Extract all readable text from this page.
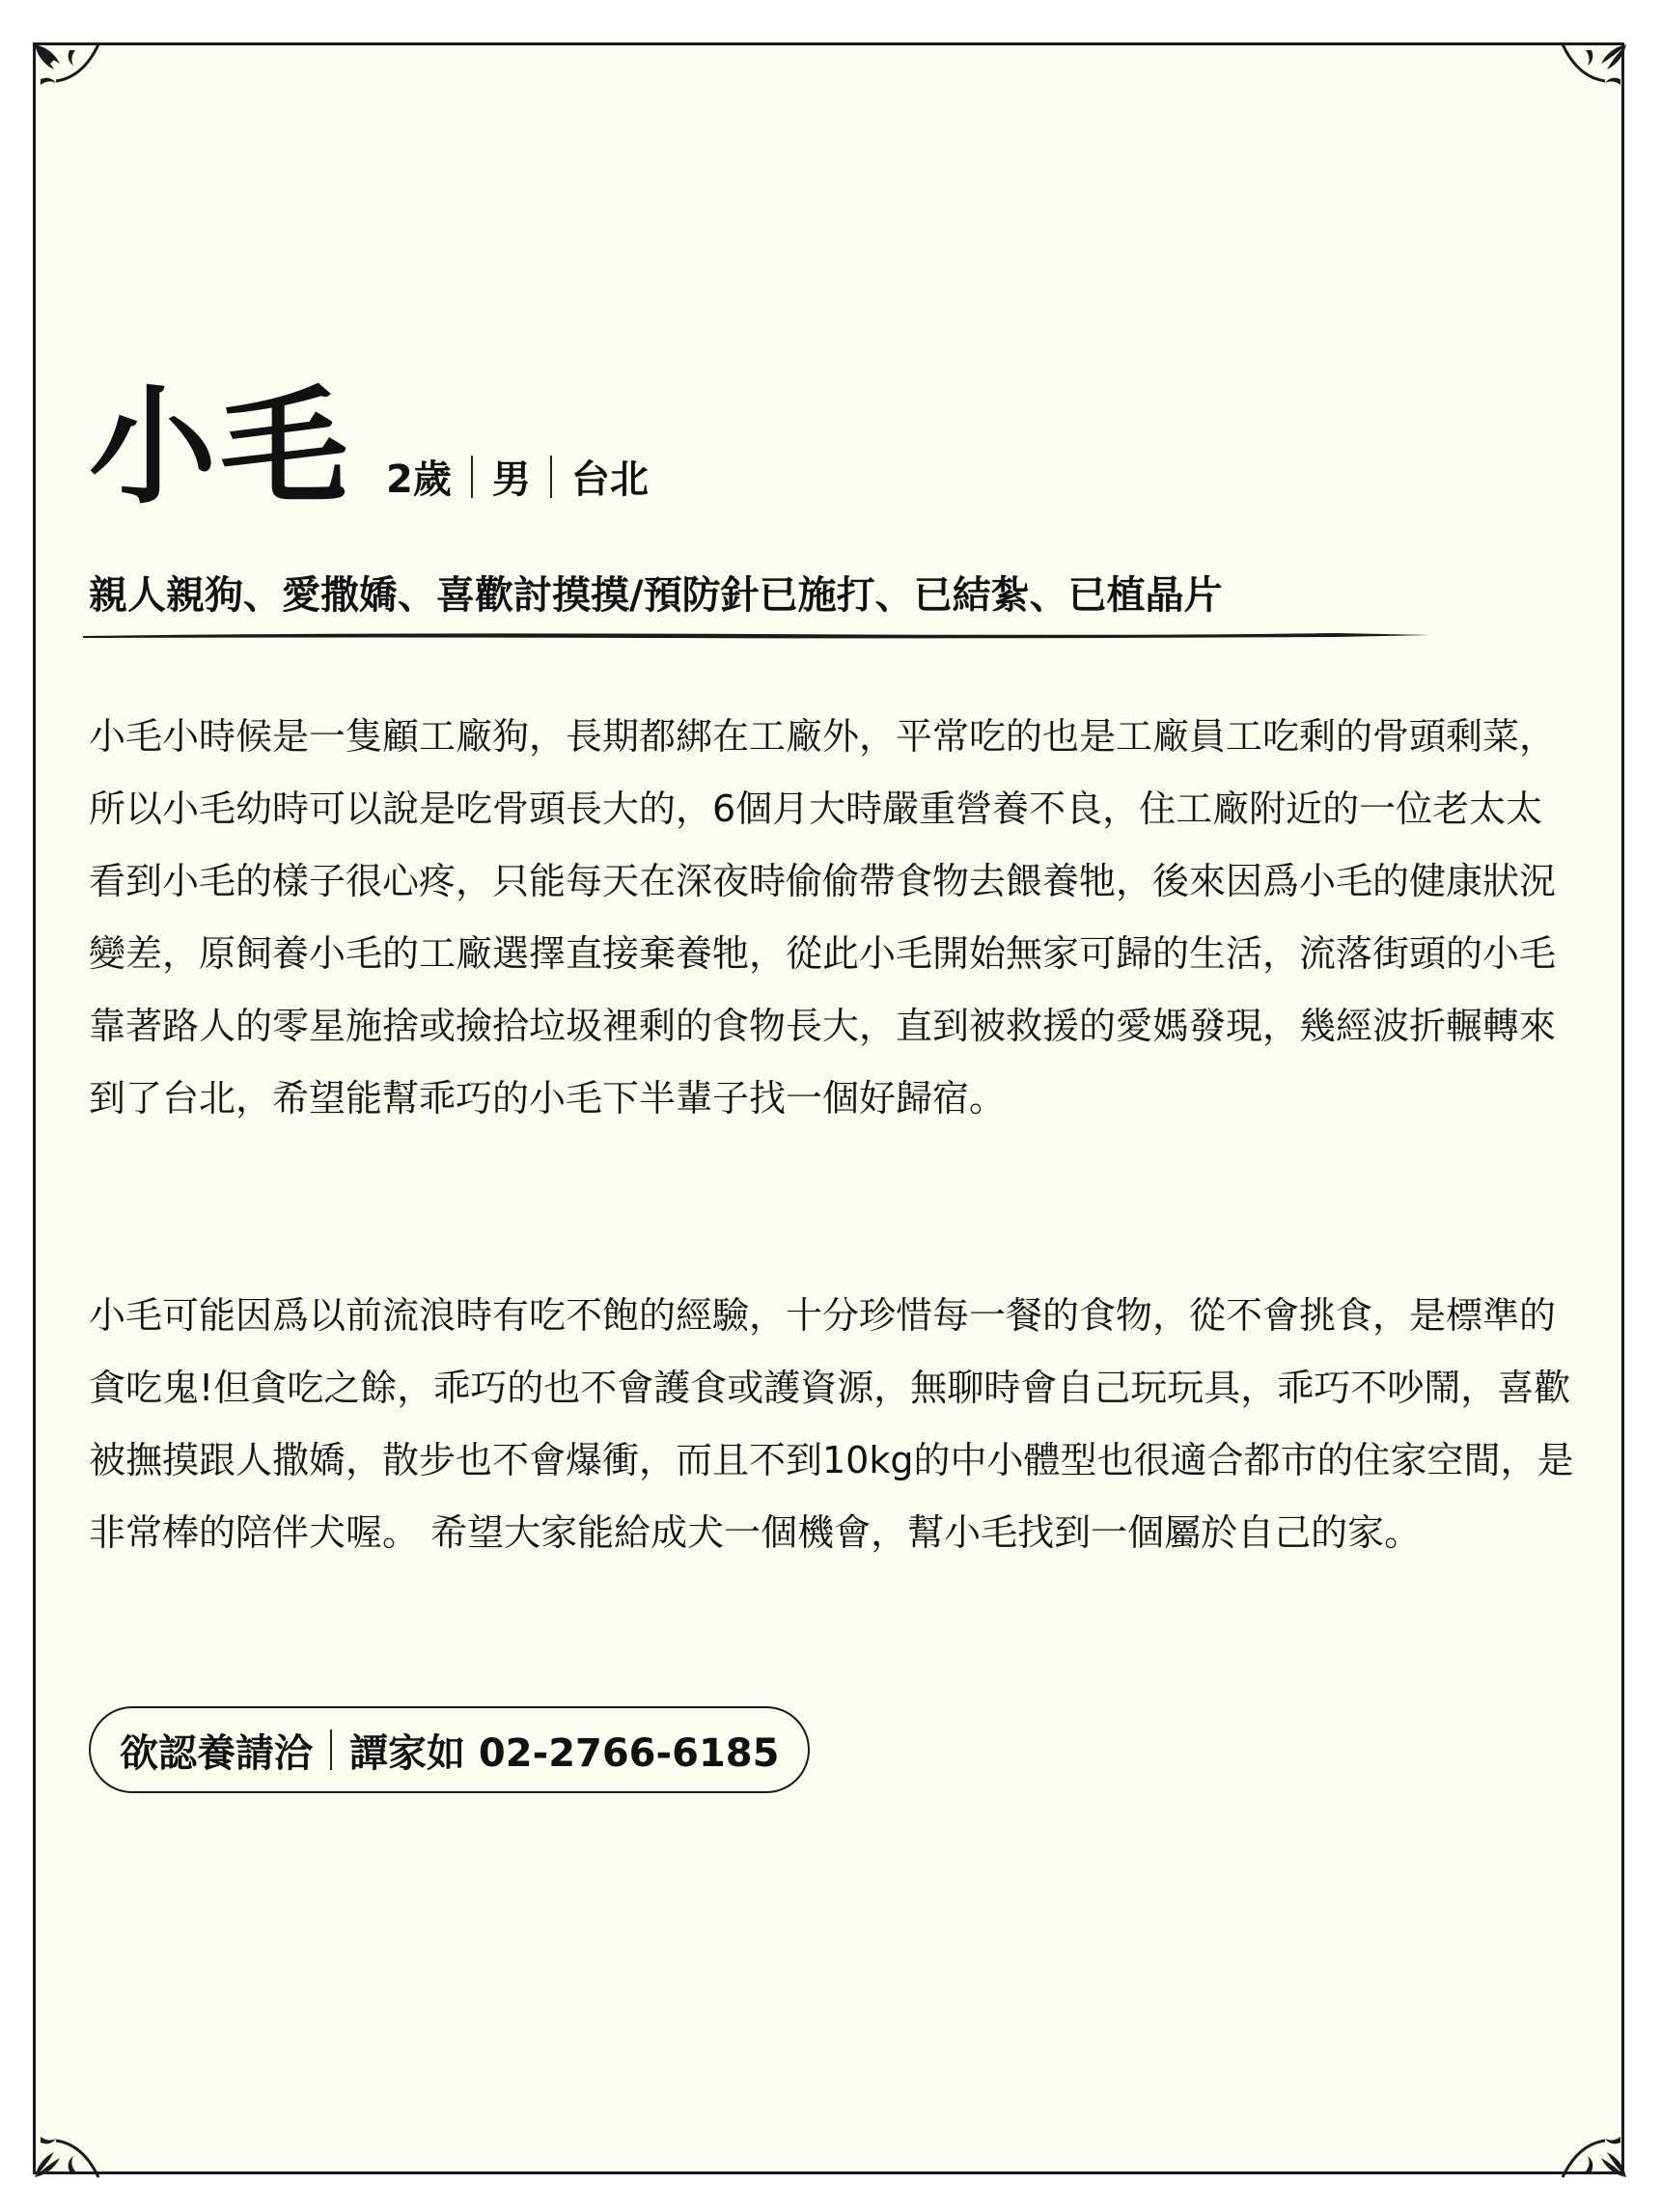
小毛 2歲 男 台北
親人親狗、愛撒嬌、喜歡討摸摸/預防針已施打、已結紮、已植晶片

小毛小時候是一隻顧工廠狗，長期都綁在工廠外，平常吃的也是工廠員工吃剩的骨頭剩菜，所以小毛幼時可以說是吃骨頭長大的，6個月大時嚴重營養不良，住工廠附近的一位老太太看到小毛的樣子很心疼，只能每天在深夜時偷偷帶食物去餵養牠，後來因爲小毛的健康狀況變差，原飼養小毛的工廠選擇直接棄養牠，從此小毛開始無家可歸的生活，流落街頭的小毛靠著路人的零星施捨或撿拾垃圾裡剩的食物長大，直到被救援的愛媽發現，幾經波折輾轉來到了台北，希望能幫乖巧的小毛下半輩子找一個好歸宿。

小毛可能因爲以前流浪時有吃不飽的經驗，十分珍惜每一餐的食物，從不會挑食，是標準的貪吃鬼!但貪吃之餘，乖巧的也不會護食或護資源，無聊時會自己玩玩具，乖巧不吵鬧，喜歡被撫摸跟人撒嬌，散步也不會爆衝，而且不到10kg的中小體型也很適合都市的住家空間，是非常棒的陪伴犬喔。 希望大家能給成犬一個機會，幫小毛找到一個屬於自己的家。

欲認養請洽 譚家如 02-2766-6185
